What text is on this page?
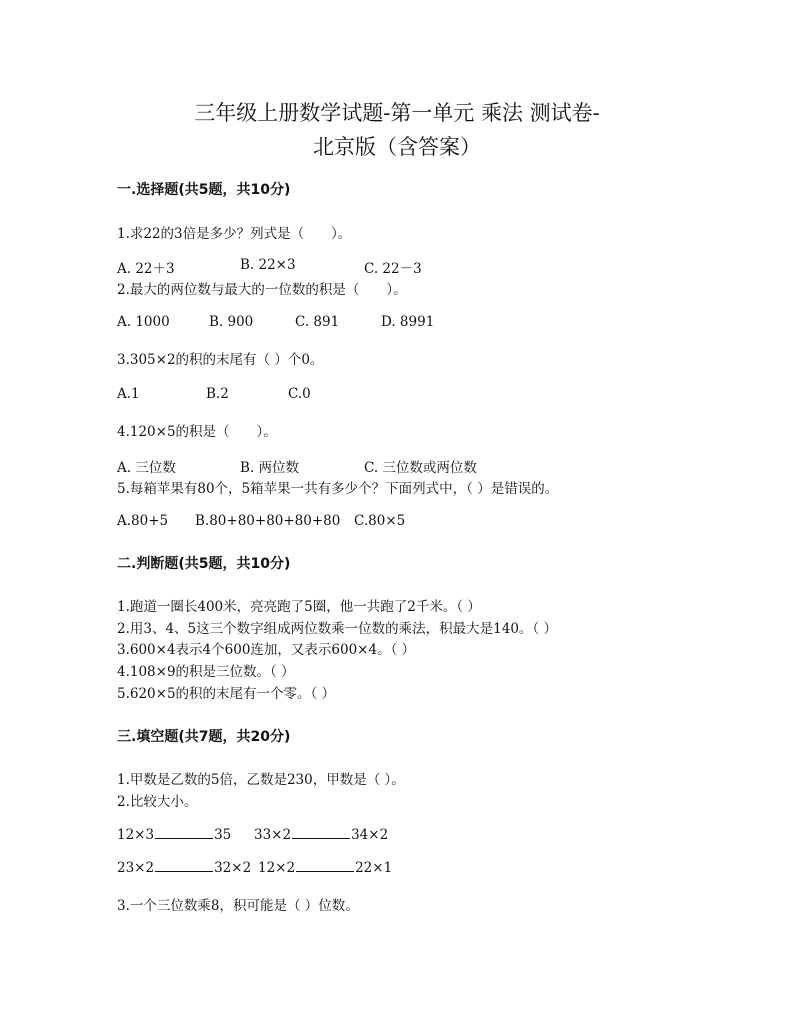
三年级上册数学试题-第一单元 乘法 测试卷-
北京版（含答案）
一.选择题(共5题，共10分)
1.求22的3倍是多少？列式是（　　）。
A. 22＋3	B. 22×3	C. 22－3
2.最大的两位数与最大的一位数的积是（　　）。
A. 1000	B. 900	C. 891	D. 8991
3.305×2的积的末尾有（ ）个0。
A.1	B.2	C.0
4.120×5的积是（　　）。
A. 三位数	B. 两位数	C. 三位数或两位数
5.每箱苹果有80个，5箱苹果一共有多少个？下面列式中，（ ）是错误的。
A.80+5 B.80+80+80+80+80 C.80×5
二.判断题(共5题，共10分)
1.跑道一圈长400米，亮亮跑了5圈，他一共跑了2千米。（ ）
2.用3、4、5这三个数字组成两位数乘一位数的乘法，积最大是140。（ ）
3.600×4表示4个600连加，又表示600×4。（ ）
4.108×9的积是三位数。（ ）
5.620×5的积的末尾有一个零。（ ）
三.填空题(共7题，共20分)
1.甲数是乙数的5倍，乙数是230，甲数是（ ）。
2.比较大小。
12×3	35 33×2	34×2
23×2	32×2 12×2	22×1
3.一个三位数乘8，积可能是（ ）位数。
